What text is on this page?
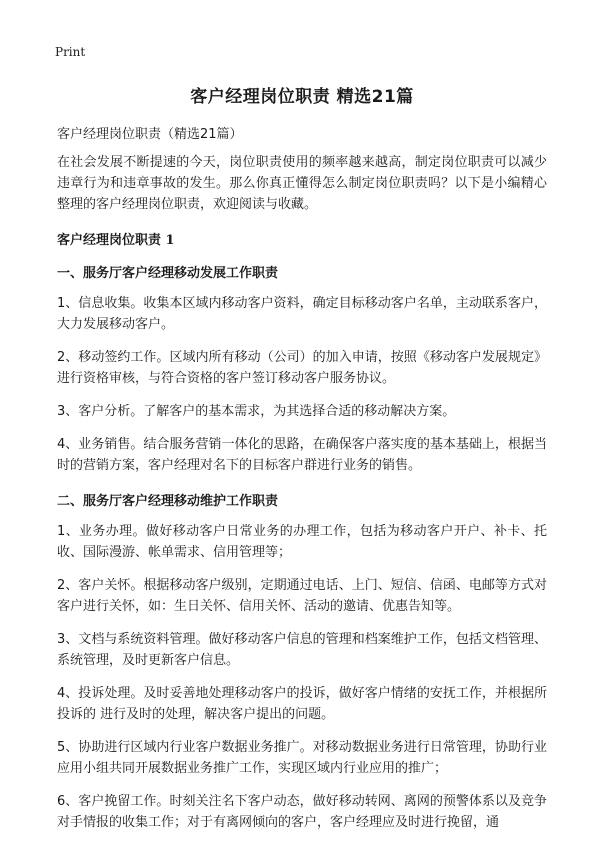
Print
客户经理岗位职责 精选21篇
客户经理岗位职责（精选21篇）

在社会发展不断提速的今天，岗位职责使用的频率越来越高，制定岗位职责可以减少违章行为和违章事故的发生。那么你真正懂得怎么制定岗位职责吗？以下是小编精心整理的客户经理岗位职责，欢迎阅读与收藏。

客户经理岗位职责 1
一、服务厅客户经理移动发展工作职责

1、信息收集。收集本区域内移动客户资料，确定目标移动客户名单，主动联系客户，大力发展移动客户。

2、移动签约工作。区域内所有移动（公司）的加入申请，按照《移动客户发展规定》进行资格审核，与符合资格的客户签订移动客户服务协议。

3、客户分析。了解客户的基本需求，为其选择合适的移动解决方案。

4、业务销售。结合服务营销一体化的思路，在确保客户落实度的基本基础上，根据当时的营销方案，客户经理对名下的目标客户群进行业务的销售。

二、服务厅客户经理移动维护工作职责

1、业务办理。做好移动客户日常业务的办理工作，包括为移动客户开户、补卡、托收、国际漫游、帐单需求、信用管理等；

2、客户关怀。根据移动客户级别，定期通过电话、上门、短信、信函、电邮等方式对客户进行关怀，如：生日关怀、信用关怀、活动的邀请、优惠告知等。

3、文档与系统资料管理。做好移动客户信息的管理和档案维护工作，包括文档管理、系统管理，及时更新客户信息。

4、投诉处理。及时妥善地处理移动客户的投诉，做好客户情绪的安抚工作，并根据所投诉的 进行及时的处理，解决客户提出的问题。

5、协助进行区域内行业客户数据业务推广。对移动数据业务进行日常管理，协助行业应用小组共同开展数据业务推广工作，实现区域内行业应用的推广；

6、客户挽留工作。时刻关注名下客户动态，做好移动转网、离网的预警体系以及竞争对手情报的收集工作；对于有离网倾向的客户，客户经理应及时进行挽留，通
